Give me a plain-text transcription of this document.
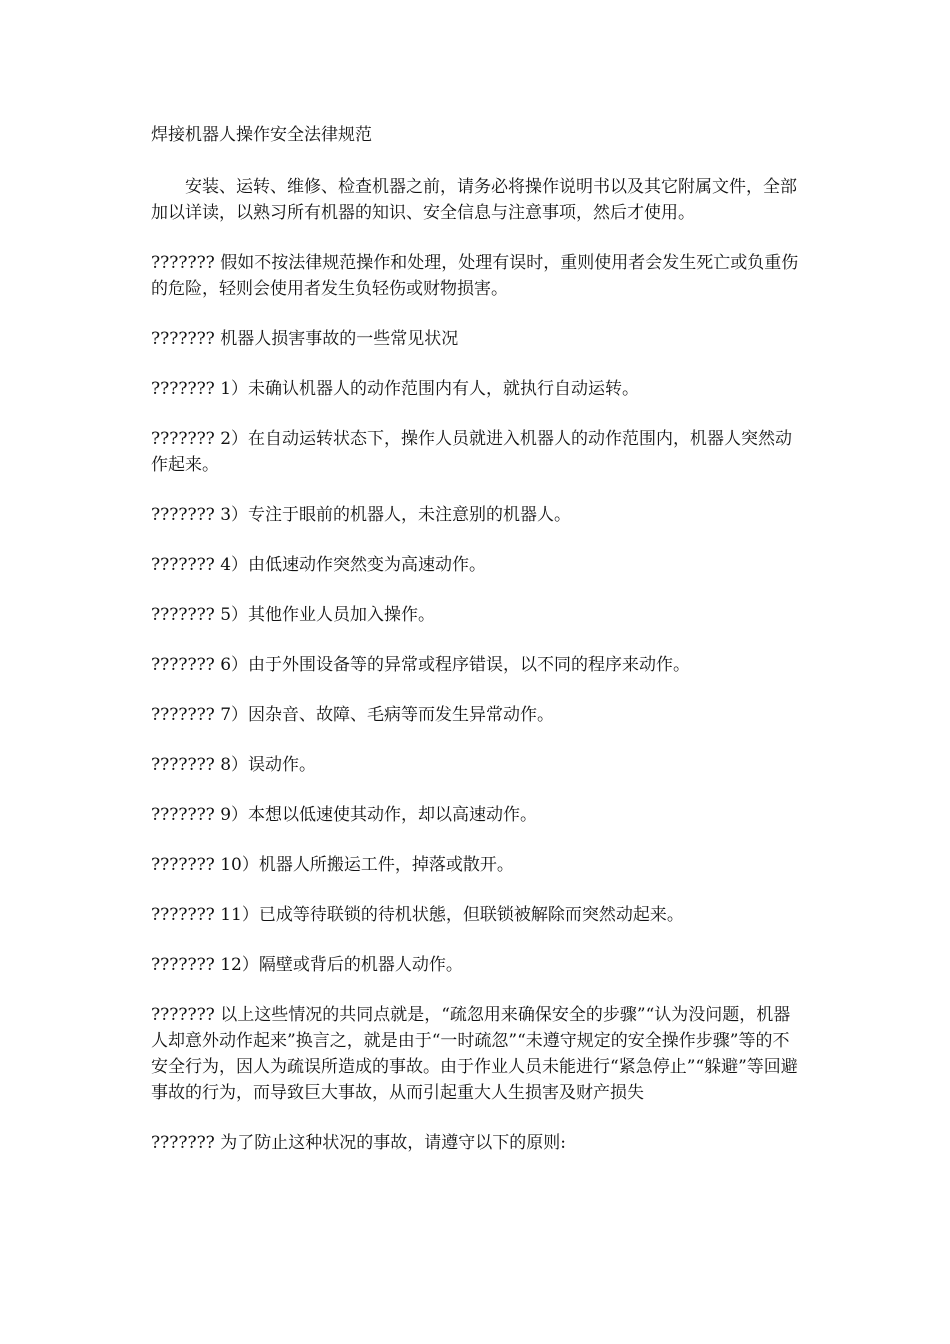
焊接机器人操作安全法律规范

安装、运转、维修、检查机器之前，请务必将操作说明书以及其它附属文件，全部加以详读，以熟习所有机器的知识、安全信息与注意事项，然后才使用。

??????? 假如不按法律规范操作和处理，处理有误时，重则使用者会发生死亡或负重伤的危险，轻则会使用者发生负轻伤或财物损害。

??????? 机器人损害事故的一些常见状况

??????? 1）未确认机器人的动作范围内有人，就执行自动运转。

??????? 2）在自动运转状态下，操作人员就进入机器人的动作范围内，机器人突然动作起来。

??????? 3）专注于眼前的机器人，未注意别的机器人。

??????? 4）由低速动作突然变为高速动作。

??????? 5）其他作业人员加入操作。

??????? 6）由于外围设备等的异常或程序错误，以不同的程序来动作。

??????? 7）因杂音、故障、毛病等而发生异常动作。

??????? 8）误动作。

??????? 9）本想以低速使其动作，却以高速动作。

??????? 10）机器人所搬运工件，掉落或散开。

??????? 11）已成等待联锁的待机状態，但联锁被解除而突然动起来。

??????? 12）隔壁或背后的机器人动作。

??????? 以上这些情况的共同点就是，“疏忽用来确保安全的步骤”“认为没问题，机器人却意外动作起来”换言之，就是由于“一时疏忽”“未遵守规定的安全操作步骤”等的不安全行为，因人为疏误所造成的事故。由于作业人员未能进行“紧急停止”“躲避”等回避事故的行为，而导致巨大事故，从而引起重大人生损害及财产损失

??????? 为了防止这种状况的事故，请遵守以下的原则:
